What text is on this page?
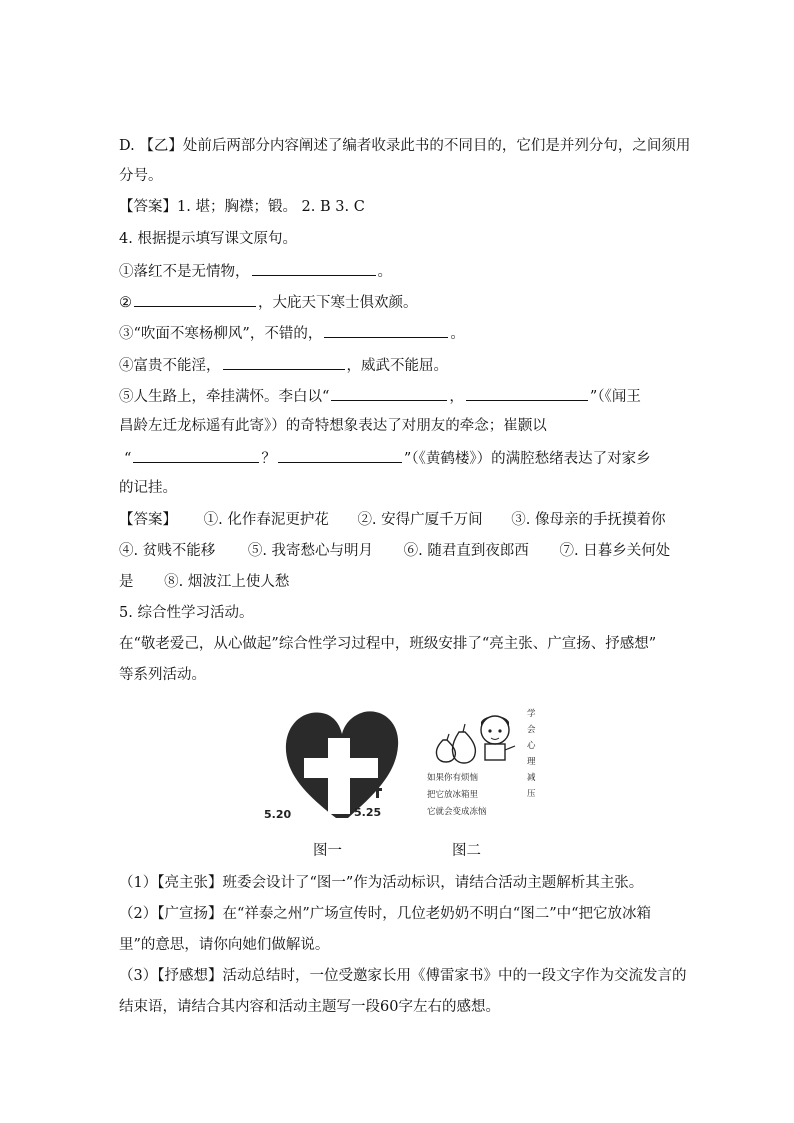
D. 【乙】处前后两部分内容阐述了编者收录此书的不同目的，它们是并列分句，之间须用
分号。
【答案】1. 堪；胸襟；锻。 2. B 3. C
4. 根据提示填写课文原句。
①落红不是无情物，	。
②	，大庇天下寒士俱欢颜。
③“吹面不寒杨柳风”，不错的，	。
④富贵不能淫，	，威武不能屈。
⑤人生路上，牵挂满怀。李白以“	，	”（《闻王
昌龄左迁龙标遥有此寄》）的奇特想象表达了对朋友的牵念；崔颢以
“	？	”（《黄鹤楼》）的满腔愁绪表达了对家乡
的记挂。
【答案】 ①. 化作春泥更护花 ②. 安得广厦千万间 ③. 像母亲的手抚摸着你
④. 贫贱不能移 ⑤. 我寄愁心与明月 ⑥. 随君直到夜郎西 ⑦. 日暮乡关何处
是 ⑧. 烟波江上使人愁
5. 综合性学习活动。
在“敬老爱己，从心做起”综合性学习过程中，班级安排了“亮主张、广宣扬、抒感想”
等系列活动。
5.20	5.25
如果你有烦恼
把它放冰箱里
它就会变成冻恼
学
会
心
理
减
压
图一	图二
（1）【亮主张】班委会设计了“图一”作为活动标识，请结合活动主题解析其主张。
（2）【广宣扬】在“祥泰之州”广场宣传时，几位老奶奶不明白“图二”中“把它放冰箱
里”的意思，请你向她们做解说。
（3）【抒感想】活动总结时，一位受邀家长用《傅雷家书》中的一段文字作为交流发言的
结束语，请结合其内容和活动主题写一段60字左右的感想。
